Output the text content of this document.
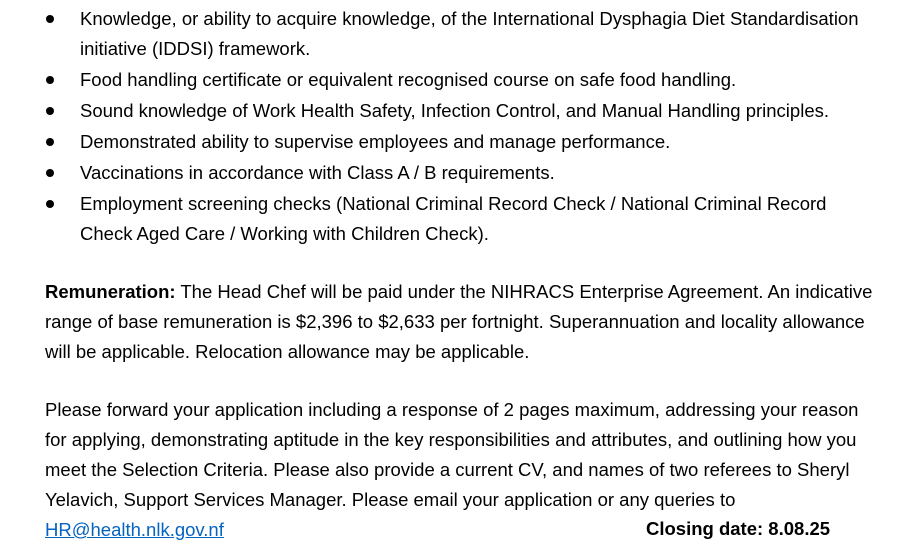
Knowledge, or ability to acquire knowledge, of the International Dysphagia Diet Standardisation initiative (IDDSI) framework.
Food handling certificate or equivalent recognised course on safe food handling.
Sound knowledge of Work Health Safety, Infection Control, and Manual Handling principles.
Demonstrated ability to supervise employees and manage performance.
Vaccinations in accordance with Class A / B requirements.
Employment screening checks (National Criminal Record Check / National Criminal Record Check Aged Care / Working with Children Check).

Remuneration: The Head Chef will be paid under the NIHRACS Enterprise Agreement. An indicative range of base remuneration is $2,396 to $2,633 per fortnight. Superannuation and locality allowance will be applicable. Relocation allowance may be applicable.

Please forward your application including a response of 2 pages maximum, addressing your reason for applying, demonstrating aptitude in the key responsibilities and attributes, and outlining how you meet the Selection Criteria. Please also provide a current CV, and names of two referees to Sheryl Yelavich, Support Services Manager. Please email your application or any queries to HR@health.nlk.gov.nf	Closing date: 8.08.25
